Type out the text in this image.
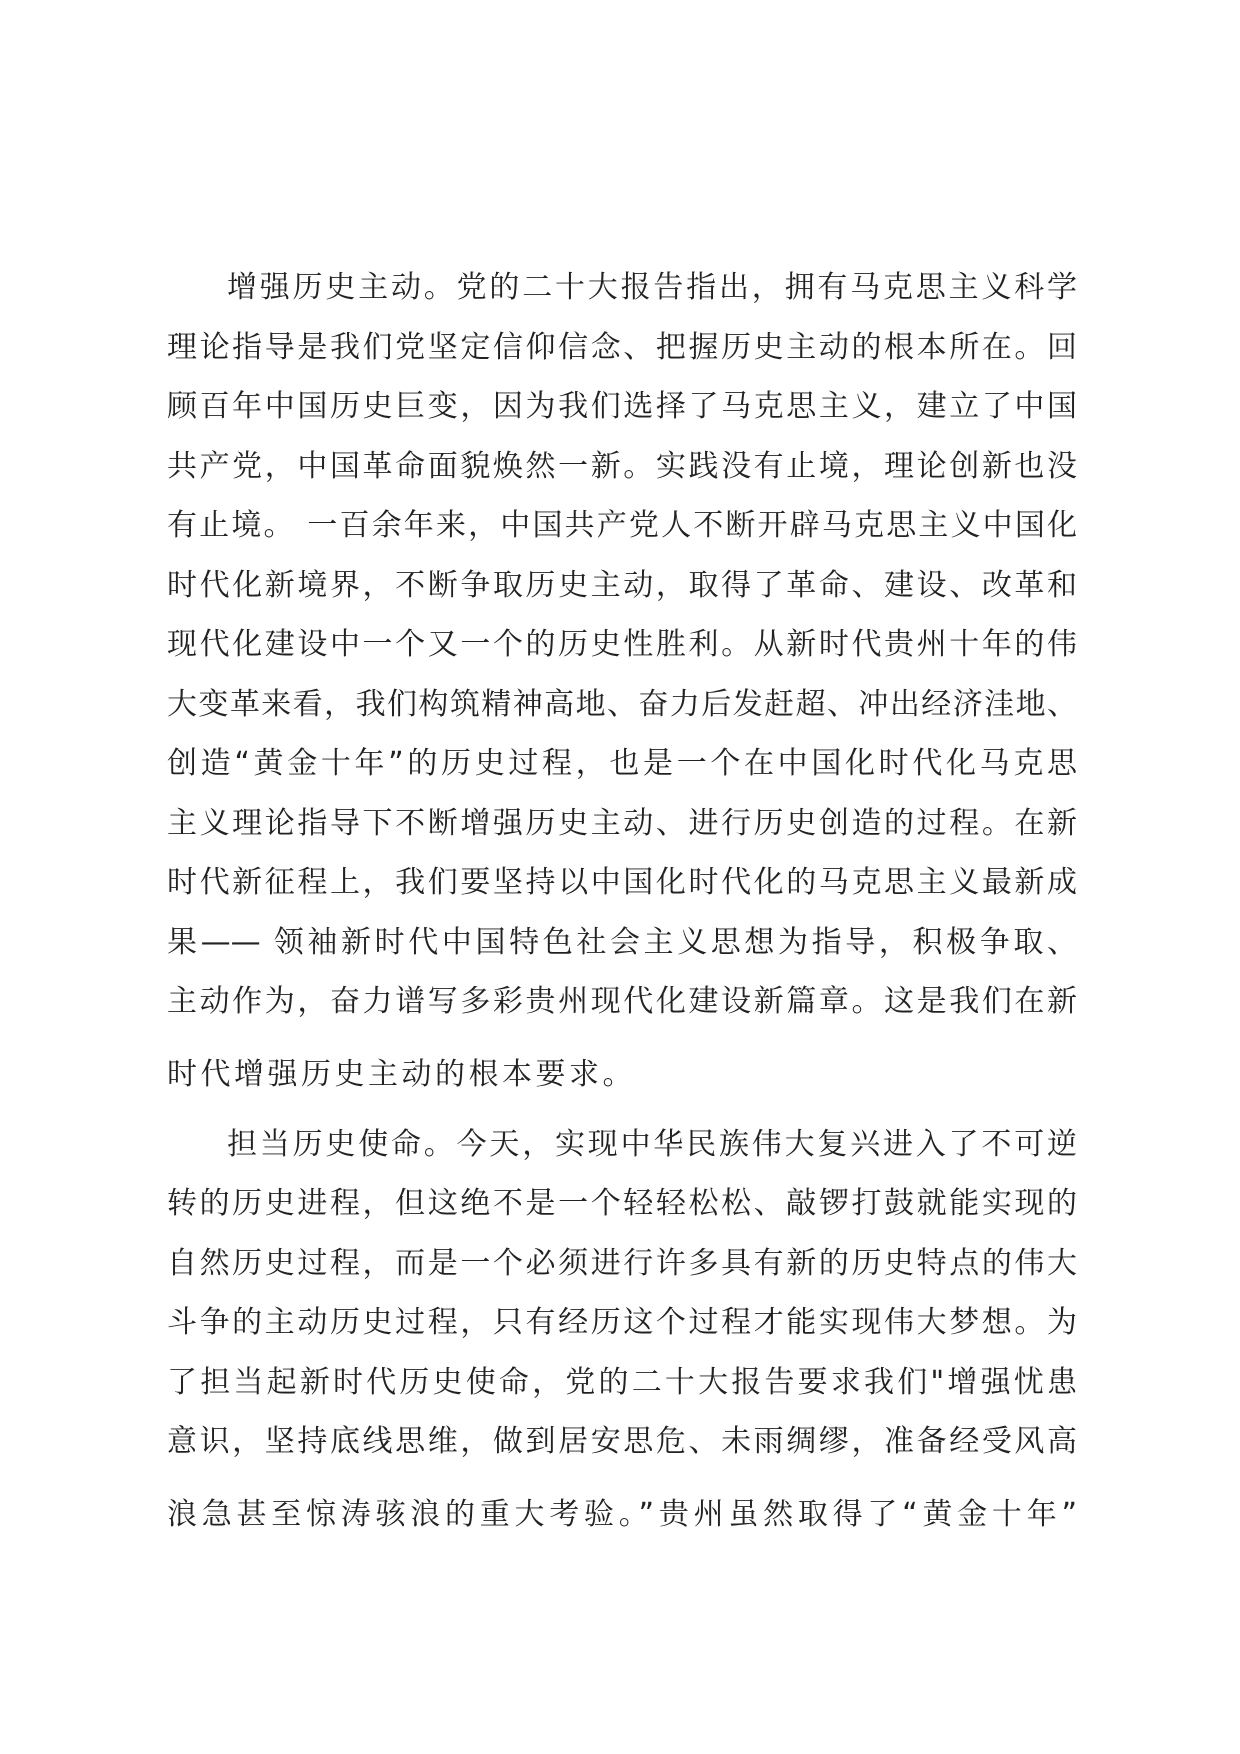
增强历史主动。党的二十大报告指出，拥有马克思主义科学
理论指导是我们党坚定信仰信念、把握历史主动的根本所在。回
顾百年中国历史巨变，因为我们选择了马克思主义，建立了中国
共产党，中国革命面貌焕然一新。实践没有止境，理论创新也没
有止境。 一百余年来，中国共产党人不断开辟马克思主义中国化
时代化新境界，不断争取历史主动，取得了革命、建设、改革和
现代化建设中一个又一个的历史性胜利。从新时代贵州十年的伟
大变革来看，我们构筑精神高地、奋力后发赶超、冲出经济洼地、
创造“黄金十年”的历史过程，也是一个在中国化时代化马克思
主义理论指导下不断增强历史主动、进行历史创造的过程。在新
时代新征程上，我们要坚持以中国化时代化的马克思主义最新成
果—— 领袖新时代中国特色社会主义思想为指导，积极争取、
主动作为，奋力谱写多彩贵州现代化建设新篇章。这是我们在新
时代增强历史主动的根本要求。
担当历史使命。今天，实现中华民族伟大复兴进入了不可逆
转的历史进程，但这绝不是一个轻轻松松、敲锣打鼓就能实现的
自然历史过程，而是一个必须进行许多具有新的历史特点的伟大
斗争的主动历史过程，只有经历这个过程才能实现伟大梦想。为
了担当起新时代历史使命，党的二十大报告要求我们"增强忧患
意识，坚持底线思维，做到居安思危、未雨绸缪，准备经受风高
浪急甚至惊涛骇浪的重大考验。”贵州虽然取得了“黄金十年”
